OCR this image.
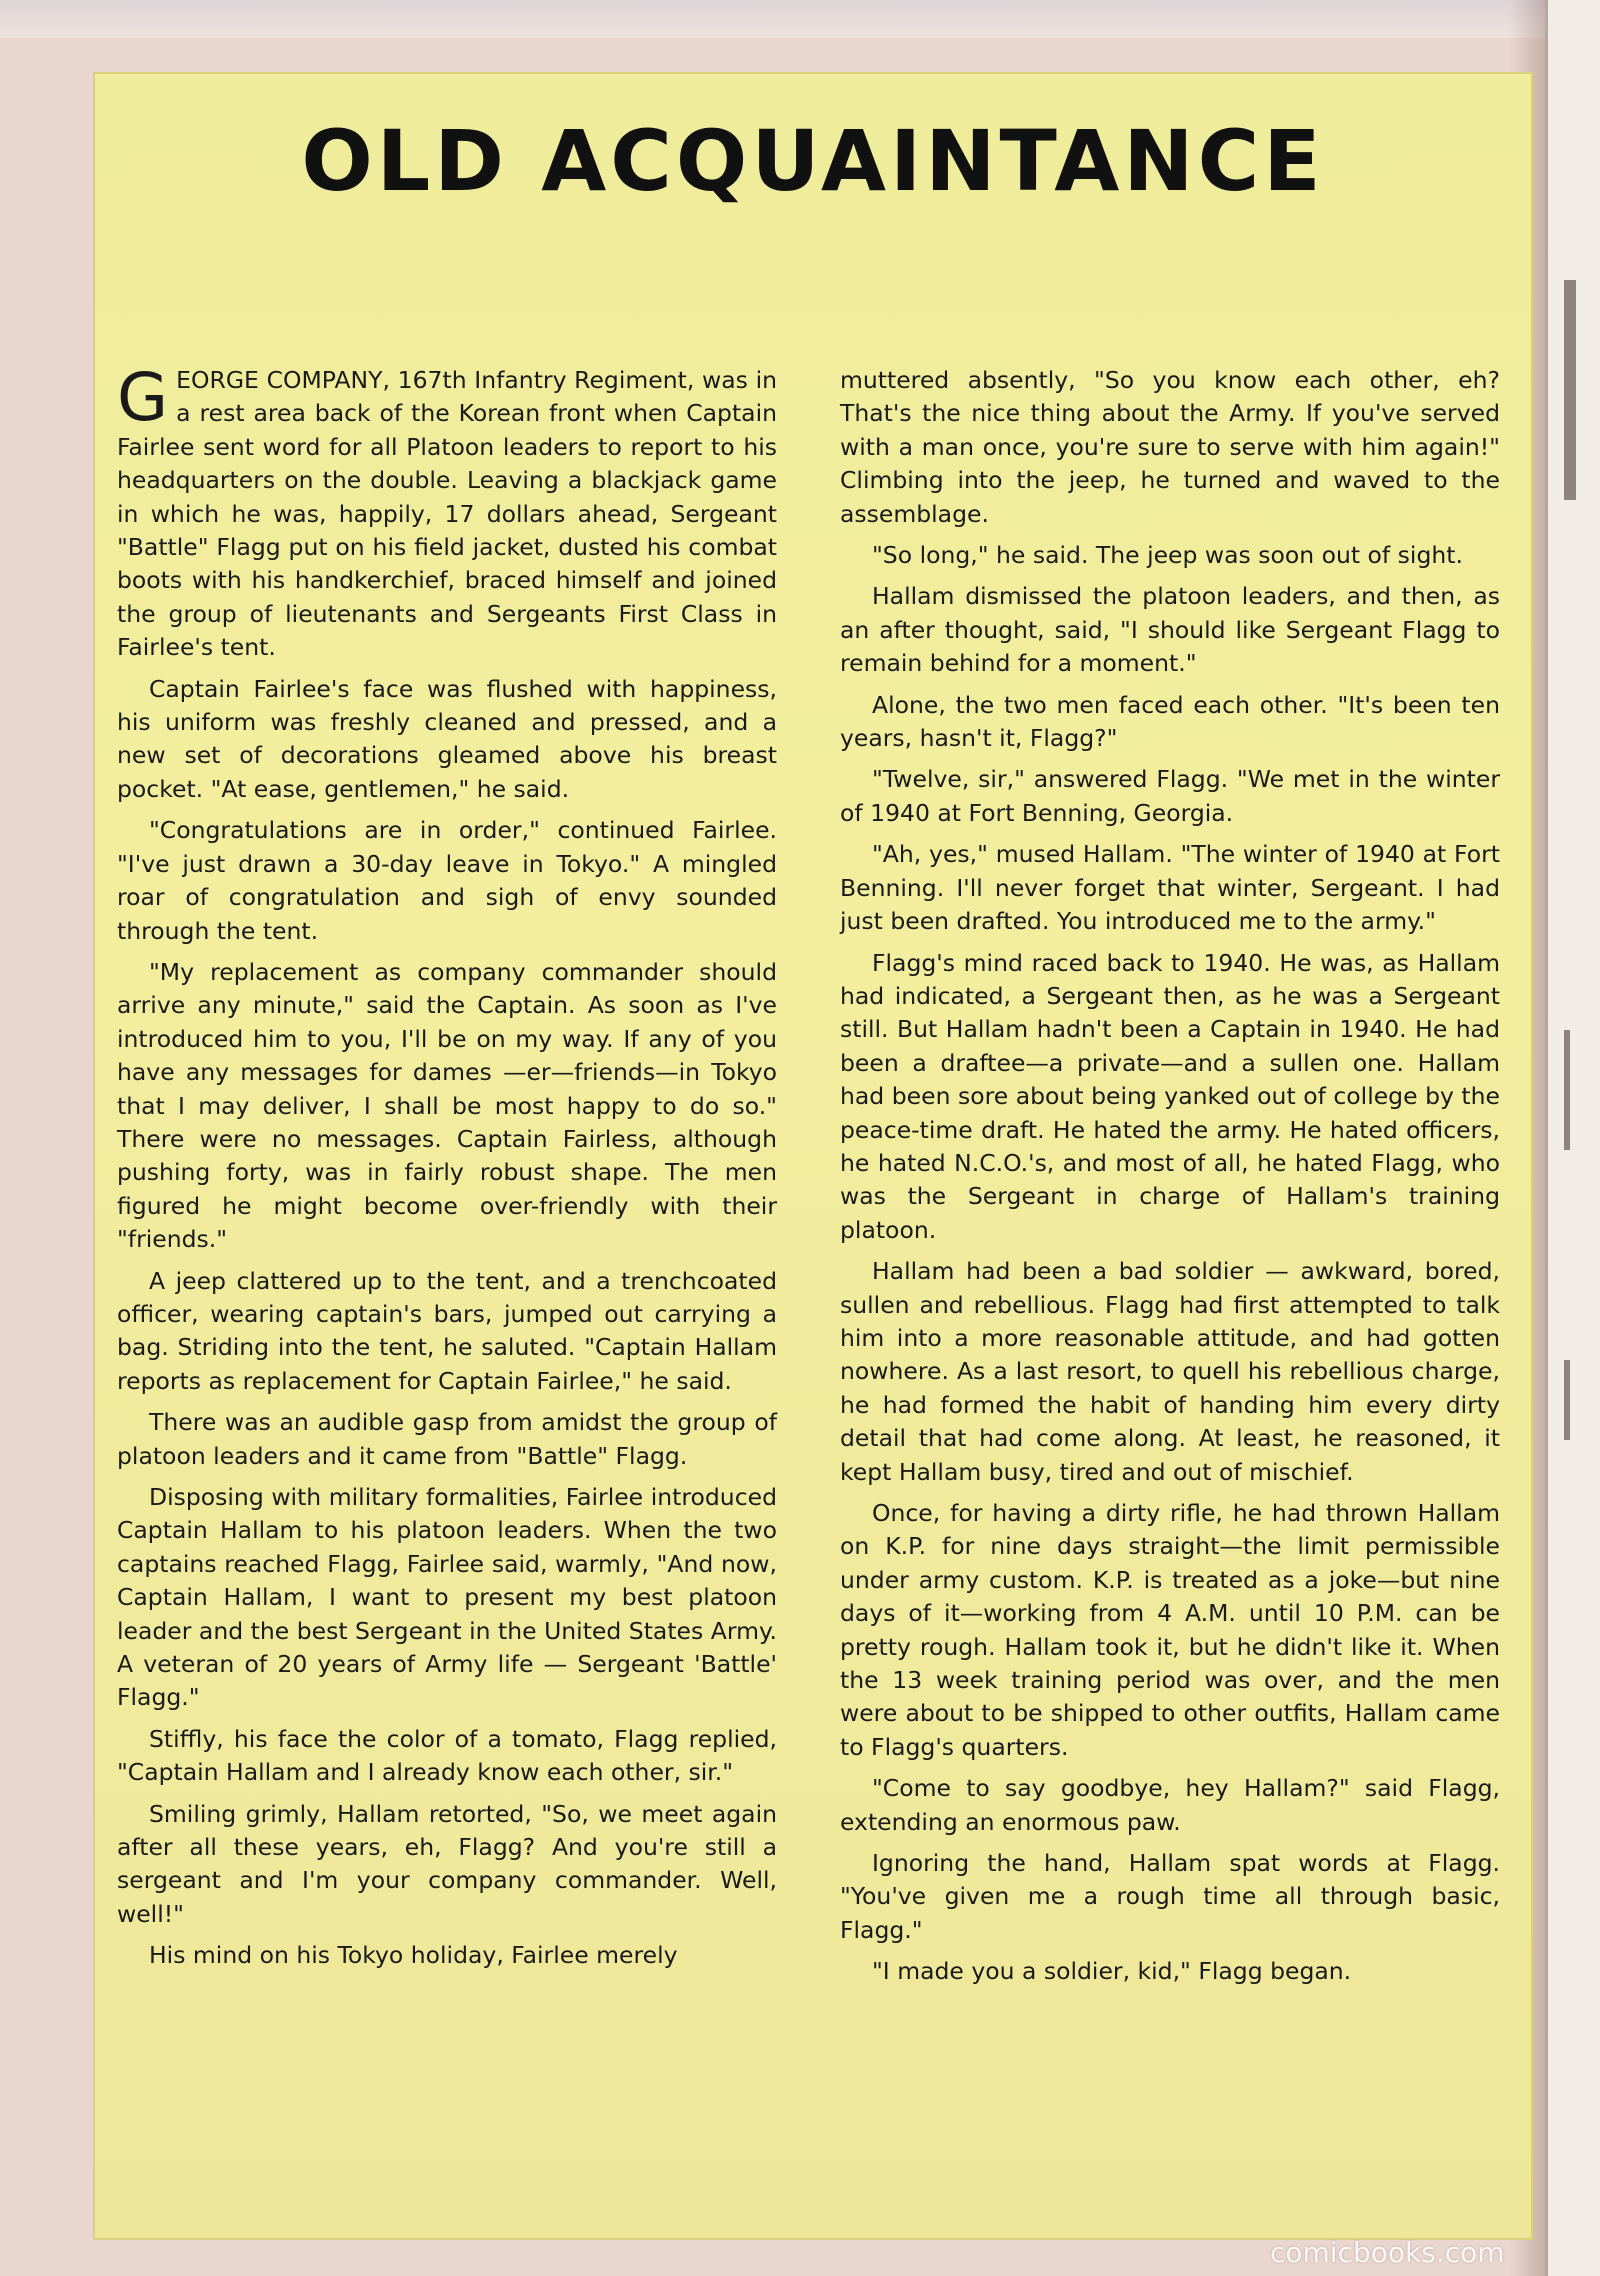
OLD ACQUAINTANCE

GEORGE COMPANY, 167th Infantry Regiment, was in a rest area back of the Korean front when Captain Fairlee sent word for all Platoon leaders to report to his headquarters on the double. Leaving a blackjack game in which he was, happily, 17 dollars ahead, Sergeant "Battle" Flagg put on his field jacket, dusted his combat boots with his handkerchief, braced himself and joined the group of lieutenants and Sergeants First Class in Fairlee's tent.

Captain Fairlee's face was flushed with happiness, his uniform was freshly cleaned and pressed, and a new set of decorations gleamed above his breast pocket. "At ease, gentlemen," he said.

"Congratulations are in order," continued Fairlee. "I've just drawn a 30-day leave in Tokyo." A mingled roar of congratulation and sigh of envy sounded through the tent.

"My replacement as company commander should arrive any minute," said the Captain. As soon as I've introduced him to you, I'll be on my way. If any of you have any messages for dames —er—friends—in Tokyo that I may deliver, I shall be most happy to do so." There were no messages. Captain Fairless, although pushing forty, was in fairly robust shape. The men figured he might become over-friendly with their "friends."

A jeep clattered up to the tent, and a trenchcoated officer, wearing captain's bars, jumped out carrying a bag. Striding into the tent, he saluted. "Captain Hallam reports as replacement for Captain Fairlee," he said.

There was an audible gasp from amidst the group of platoon leaders and it came from "Battle" Flagg.

Disposing with military formalities, Fairlee introduced Captain Hallam to his platoon leaders. When the two captains reached Flagg, Fairlee said, warmly, "And now, Captain Hallam, I want to present my best platoon leader and the best Sergeant in the United States Army. A veteran of 20 years of Army life — Sergeant 'Battle' Flagg."

Stiffly, his face the color of a tomato, Flagg replied, "Captain Hallam and I already know each other, sir."

Smiling grimly, Hallam retorted, "So, we meet again after all these years, eh, Flagg? And you're still a sergeant and I'm your company commander. Well, well!"

His mind on his Tokyo holiday, Fairlee merely

muttered absently, "So you know each other, eh? That's the nice thing about the Army. If you've served with a man once, you're sure to serve with him again!" Climbing into the jeep, he turned and waved to the assemblage.

"So long," he said. The jeep was soon out of sight.

Hallam dismissed the platoon leaders, and then, as an after thought, said, "I should like Sergeant Flagg to remain behind for a moment."

Alone, the two men faced each other. "It's been ten years, hasn't it, Flagg?"

"Twelve, sir," answered Flagg. "We met in the winter of 1940 at Fort Benning, Georgia.

"Ah, yes," mused Hallam. "The winter of 1940 at Fort Benning. I'll never forget that winter, Sergeant. I had just been drafted. You introduced me to the army."

Flagg's mind raced back to 1940. He was, as Hallam had indicated, a Sergeant then, as he was a Sergeant still. But Hallam hadn't been a Captain in 1940. He had been a draftee—a private—and a sullen one. Hallam had been sore about being yanked out of college by the peace-time draft. He hated the army. He hated officers, he hated N.C.O.'s, and most of all, he hated Flagg, who was the Sergeant in charge of Hallam's training platoon.

Hallam had been a bad soldier — awkward, bored, sullen and rebellious. Flagg had first attempted to talk him into a more reasonable attitude, and had gotten nowhere. As a last resort, to quell his rebellious charge, he had formed the habit of handing him every dirty detail that had come along. At least, he reasoned, it kept Hallam busy, tired and out of mischief.

Once, for having a dirty rifle, he had thrown Hallam on K.P. for nine days straight—the limit permissible under army custom. K.P. is treated as a joke—but nine days of it—working from 4 A.M. until 10 P.M. can be pretty rough. Hallam took it, but he didn't like it. When the 13 week training period was over, and the men were about to be shipped to other outfits, Hallam came to Flagg's quarters.

"Come to say goodbye, hey Hallam?" said Flagg, extending an enormous paw.

Ignoring the hand, Hallam spat words at Flagg. "You've given me a rough time all through basic, Flagg."

"I made you a soldier, kid," Flagg began.

comicbooks.com
